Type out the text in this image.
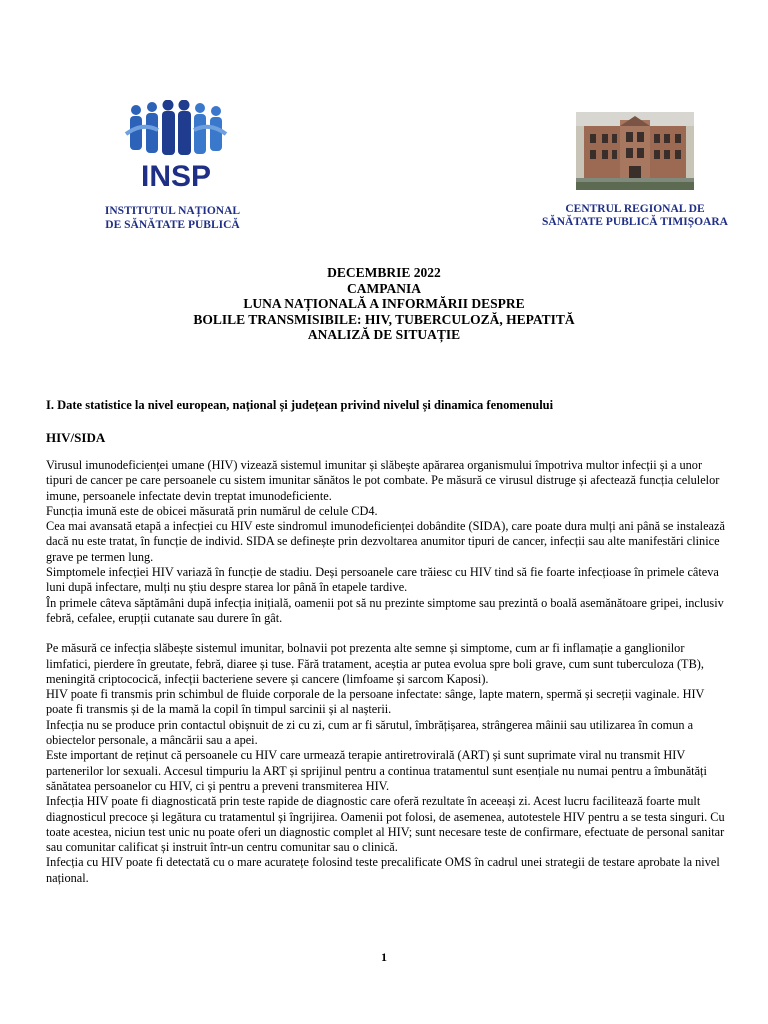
INSP
INSTITUTUL NAȚIONAL
DE SĂNĂTATE PUBLICĂ
CENTRUL REGIONAL DE
SĂNĂTATE PUBLICĂ TIMIȘOARA
DECEMBRIE 2022
CAMPANIA
LUNA NAȚIONALĂ A INFORMĂRII DESPRE
BOLILE TRANSMISIBILE: HIV, TUBERCULOZĂ, HEPATITĂ
ANALIZĂ DE SITUAȚIE
I. Date statistice la nivel european, național și județean privind nivelul și dinamica fenomenului
HIV/SIDA

Virusul imunodeficienței umane (HIV) vizează sistemul imunitar și slăbește apărarea organismului împotriva multor infecții și a unor tipuri de cancer pe care persoanele cu sistem imunitar sănătos le pot combate. Pe măsură ce virusul distruge și afectează funcția celulelor imune, persoanele infectate devin treptat imunodeficiente.

Funcția imună este de obicei măsurată prin numărul de celule CD4.

Cea mai avansată etapă a infecției cu HIV este sindromul imunodeficienței dobândite (SIDA), care poate dura mulți ani până se instalează dacă nu este tratat, în funcție de individ. SIDA se definește prin dezvoltarea anumitor tipuri de cancer, infecții sau alte manifestări clinice grave pe termen lung.

Simptomele infecției HIV variază în funcție de stadiu. Deși persoanele care trăiesc cu HIV tind să fie foarte infecțioase în primele câteva luni după infectare, mulți nu știu despre starea lor până în etapele tardive.

În primele câteva săptămâni după infecția inițială, oamenii pot să nu prezinte simptome sau prezintă o boală asemănătoare gripei, inclusiv febră, cefalee, erupții cutanate sau durere în gât.

Pe măsură ce infecția slăbește sistemul imunitar, bolnavii pot prezenta alte semne și simptome, cum ar fi inflamație a ganglionilor limfatici, pierdere în greutate, febră, diaree și tuse. Fără tratament, aceștia ar putea evolua spre boli grave, cum sunt tuberculoza (TB), meningită criptococică, infecții bacteriene severe și cancere (limfoame și sarcom Kaposi).

HIV poate fi transmis prin schimbul de fluide corporale de la persoane infectate: sânge, lapte matern, spermă și secreții vaginale. HIV poate fi transmis și de la mamă la copil în timpul sarcinii și al nașterii.

Infecția nu se produce prin contactul obișnuit de zi cu zi, cum ar fi sărutul, îmbrățișarea, strângerea mâinii sau utilizarea în comun a obiectelor personale, a mâncării sau a apei.

Este important de reținut că persoanele cu HIV care urmează terapie antiretrovirală (ART) și sunt suprimate viral nu transmit HIV partenerilor lor sexuali. Accesul timpuriu la ART și sprijinul pentru a continua tratamentul sunt esențiale nu numai pentru a îmbunătăți sănătatea persoanelor cu HIV, ci și pentru a preveni transmiterea HIV.

Infecția HIV poate fi diagnosticată prin teste rapide de diagnostic care oferă rezultate în aceeași zi. Acest lucru facilitează foarte mult diagnosticul precoce și legătura cu tratamentul și îngrijirea. Oamenii pot folosi, de asemenea, autotestele HIV pentru a se testa singuri. Cu toate acestea, niciun test unic nu poate oferi un diagnostic complet al HIV; sunt necesare teste de confirmare, efectuate de personal sanitar sau comunitar calificat și instruit într-un centru comunitar sau o clinică.

Infecția cu HIV poate fi detectată cu o mare acuratețe folosind teste precalificate OMS în cadrul unei strategii de testare aprobate la nivel național.

1
